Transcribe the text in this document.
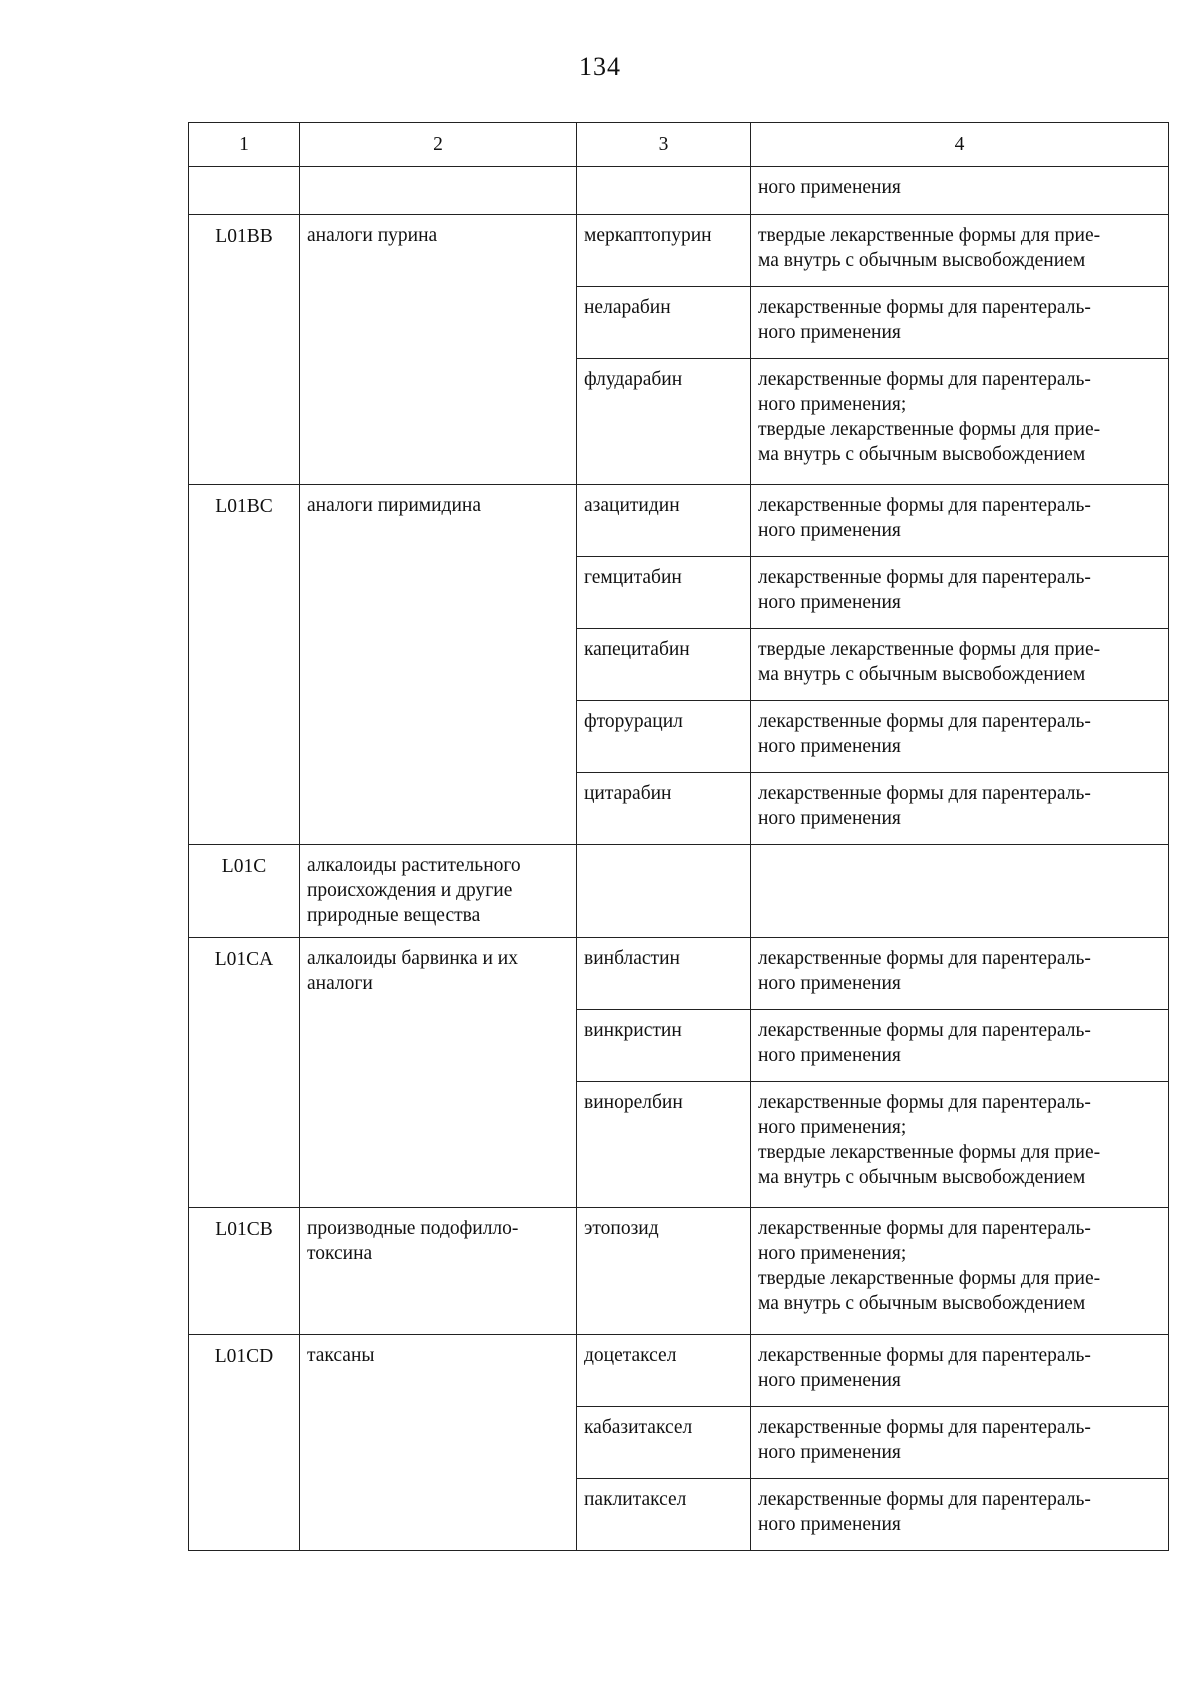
134
1	2	3	4
			ного применения
L01BB	аналоги пурина	меркаптопурин	твердые лекарственные формы для прие-
ма внутрь с обычным высвобождением
		неларабин	лекарственные формы для парентераль-
ного применения
		флударабин	лекарственные формы для парентераль-
ного применения;
твердые лекарственные формы для прие-
ма внутрь с обычным высвобождением
L01BC	аналоги пиримидина	азацитидин	лекарственные формы для парентераль-
ного применения
		гемцитабин	лекарственные формы для парентераль-
ного применения
		капецитабин	твердые лекарственные формы для прие-
ма внутрь с обычным высвобождением
		фторурацил	лекарственные формы для парентераль-
ного применения
		цитарабин	лекарственные формы для парентераль-
ного применения
L01C	алкалоиды растительного
происхождения и другие
природные вещества		
L01CA	алкалоиды барвинка и их
аналоги	винбластин	лекарственные формы для парентераль-
ного применения
		винкристин	лекарственные формы для парентераль-
ного применения
		винорелбин	лекарственные формы для парентераль-
ного применения;
твердые лекарственные формы для прие-
ма внутрь с обычным высвобождением
L01CB	производные подофилло-
токсина	этопозид	лекарственные формы для парентераль-
ного применения;
твердые лекарственные формы для прие-
ма внутрь с обычным высвобождением
L01CD	таксаны	доцетаксел	лекарственные формы для парентераль-
ного применения
		кабазитаксел	лекарственные формы для парентераль-
ного применения
		паклитаксел	лекарственные формы для парентераль-
ного применения
